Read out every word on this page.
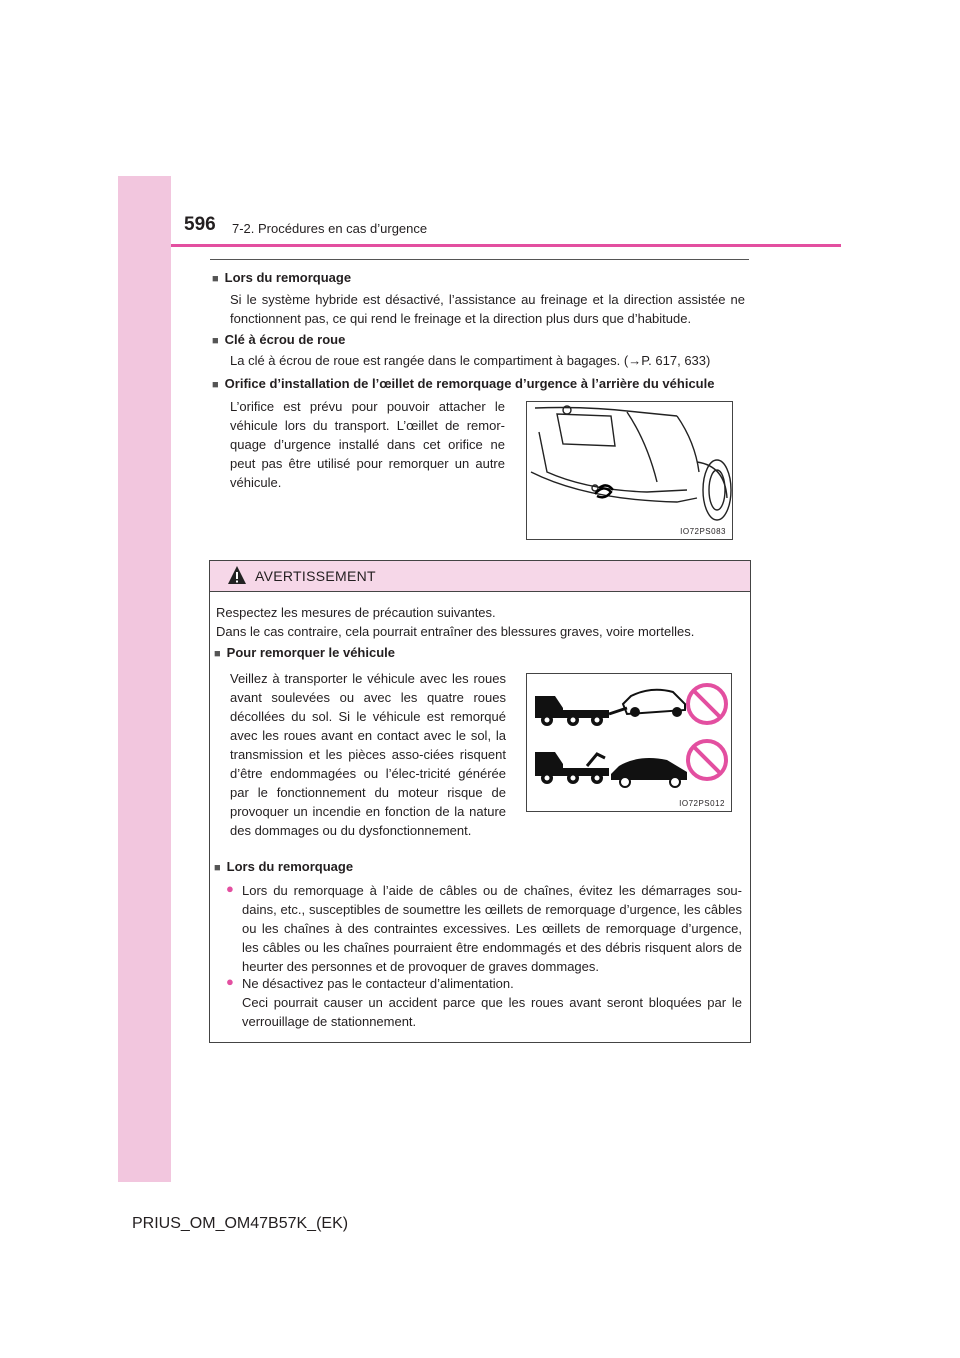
596 7-2. Procédures en cas d’urgence
■ Lors du remorquage
Si le système hybride est désactivé, l’assistance au freinage et la direction assistée ne fonctionnent pas, ce qui rend le freinage et la direction plus durs que d’habitude.
■ Clé à écrou de roue
La clé à écrou de roue est rangée dans le compartiment à bagages. (→P. 617, 633)
■ Orifice d’installation de l’œillet de remorquage d’urgence à l’arrière du véhicule
L’orifice est prévu pour pouvoir attacher le véhicule lors du transport. L’œillet de remor-quage d’urgence installé dans cet orifice ne peut pas être utilisé pour remorquer un autre véhicule.
IO72PS083
AVERTISSEMENT
Respectez les mesures de précaution suivantes.
Dans le cas contraire, cela pourrait entraîner des blessures graves, voire mortelles.
■ Pour remorquer le véhicule
Veillez à transporter le véhicule avec les roues avant soulevées ou avec les quatre roues décollées du sol. Si le véhicule est remorqué avec les roues avant en contact avec le sol, la transmission et les pièces asso-ciées risquent d’être endommagées ou l’élec-tricité générée par le fonctionnement du moteur risque de provoquer un incendie en fonction de la nature des dommages ou du dysfonctionnement.
IO72PS012
■ Lors du remorquage
● Lors du remorquage à l’aide de câbles ou de chaînes, évitez les démarrages sou-dains, etc., susceptibles de soumettre les œillets de remorquage d’urgence, les câbles ou les chaînes à des contraintes excessives. Les œillets de remorquage d’urgence, les câbles ou les chaînes pourraient être endommagés et des débris risquent alors de heurter des personnes et de provoquer de graves dommages.
● Ne désactivez pas le contacteur d’alimentation.
Ceci pourrait causer un accident parce que les roues avant seront bloquées par le verrouillage de stationnement.
PRIUS_OM_OM47B57K_(EK)
